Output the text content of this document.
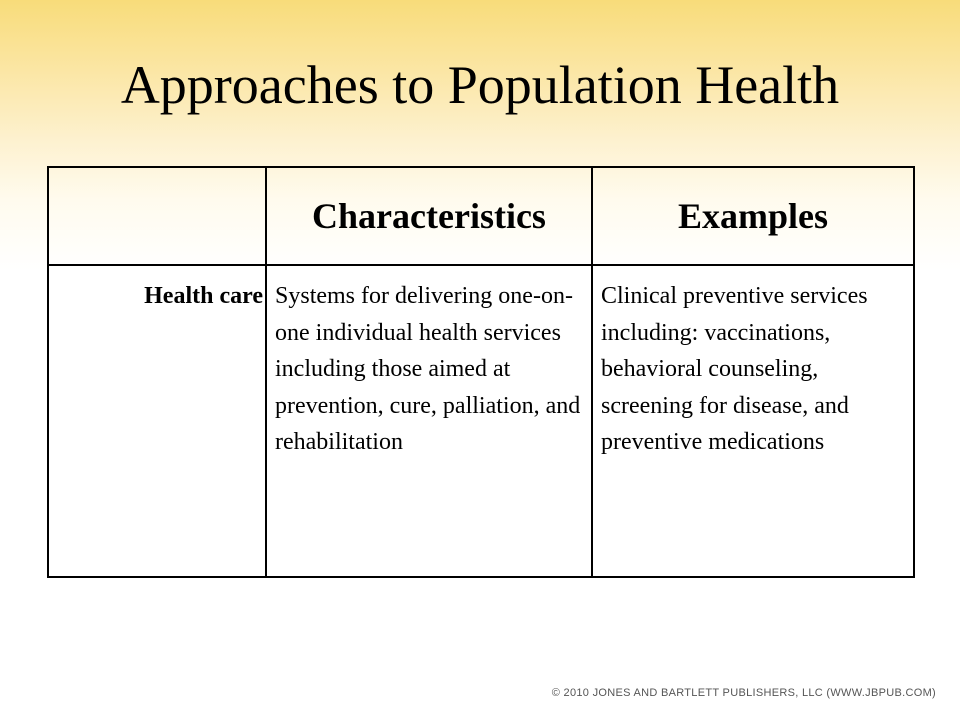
Approaches to Population Health
	Characteristics	Examples
Health care	Systems for delivering one-on-one individual health services including those aimed at prevention, cure, palliation, and rehabilitation	Clinical preventive services including: vaccinations, behavioral counseling, screening for disease, and preventive medications
© 2010 JONES AND BARTLETT PUBLISHERS, LLC (WWW.JBPUB.COM)
